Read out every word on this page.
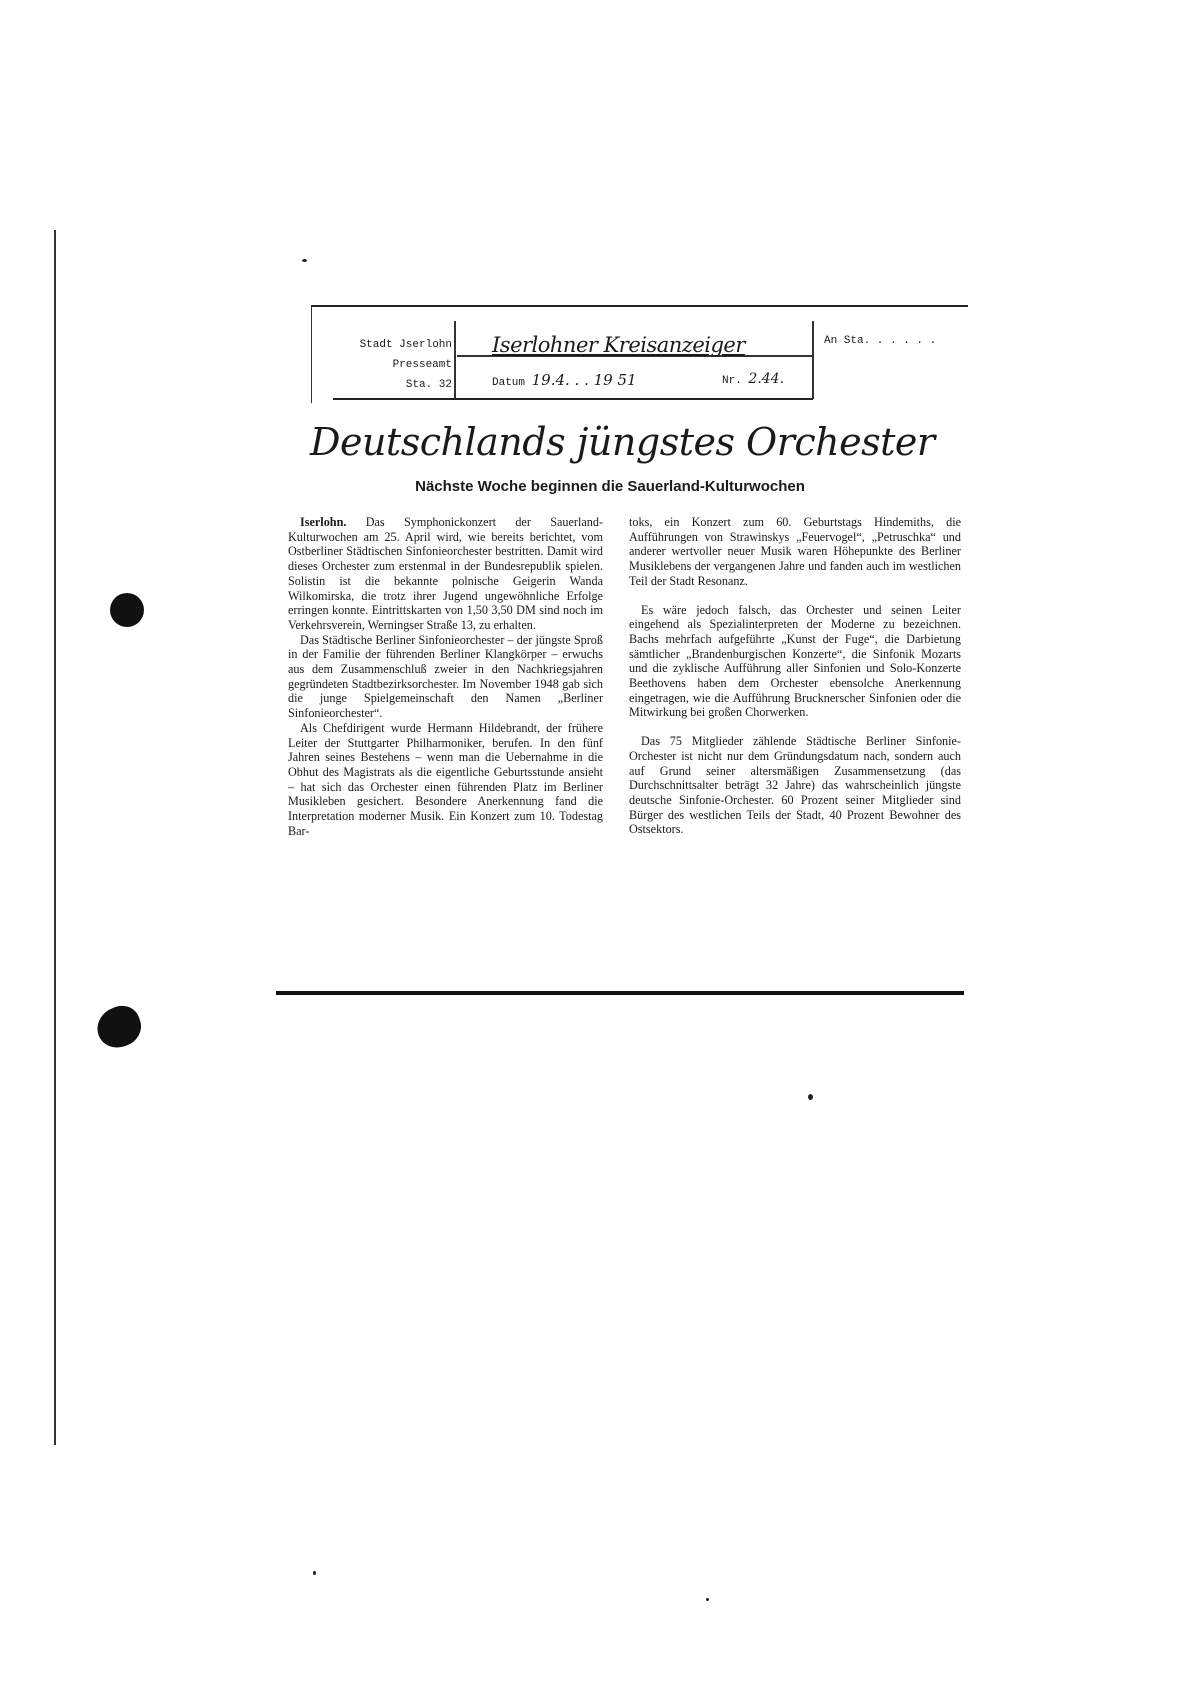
Stadt Jserlohn
Presseamt
Sta. 32
Iserlohner Kreisanzeiger
Datum 19.4. . . 19 51	Nr. 2.44.
An Sta. . . . . .
Deutschlands jüngstes Orchester
Nächste Woche beginnen die Sauerland-Kulturwochen

Iserlohn. Das Symphonickonzert der Sauerland-Kulturwochen am 25. April wird, wie bereits berichtet, vom Ostberliner Städtischen Sinfonieorchester bestritten. Damit wird dieses Orchester zum erstenmal in der Bundesrepublik spielen. Solistin ist die bekannte polnische Geigerin Wanda Wilkomirska, die trotz ihrer Jugend ungewöhnliche Erfolge erringen konnte. Eintrittskarten von 1,50 3,50 DM sind noch im Verkehrsverein, Werningser Straße 13, zu erhalten.

Das Städtische Berliner Sinfonieorchester – der jüngste Sproß in der Familie der führenden Berliner Klangkörper – erwuchs aus dem Zusammenschluß zweier in den Nachkriegsjahren gegründeten Stadtbezirksorchester. Im November 1948 gab sich die junge Spielgemeinschaft den Namen „Berliner Sinfonieorchester“.

Als Chefdirigent wurde Hermann Hildebrandt, der frühere Leiter der Stuttgarter Philharmoniker, berufen. In den fünf Jahren seines Bestehens – wenn man die Uebernahme in die Obhut des Magistrats als die eigentliche Geburtsstunde ansieht – hat sich das Orchester einen führenden Platz im Berliner Musikleben gesichert. Besondere Anerkennung fand die Interpretation moderner Musik. Ein Konzert zum 10. Todestag Bar-

toks, ein Konzert zum 60. Geburtstags Hindemiths, die Aufführungen von Strawinskys „Feuervogel“, „Petruschka“ und anderer wertvoller neuer Musik waren Höhepunkte des Berliner Musiklebens der vergangenen Jahre und fanden auch im westlichen Teil der Stadt Resonanz.

Es wäre jedoch falsch, das Orchester und seinen Leiter eingehend als Spezialinterpreten der Moderne zu bezeichnen. Bachs mehrfach aufgeführte „Kunst der Fuge“, die Darbietung sämtlicher „Brandenburgischen Konzerte“, die Sinfonik Mozarts und die zyklische Aufführung aller Sinfonien und Solo-Konzerte Beethovens haben dem Orchester ebensolche Anerkennung eingetragen, wie die Aufführung Brucknerscher Sinfonien oder die Mitwirkung bei großen Chorwerken.

Das 75 Mitglieder zählende Städtische Berliner Sinfonie-Orchester ist nicht nur dem Gründungsdatum nach, sondern auch auf Grund seiner altersmäßigen Zusammensetzung (das Durchschnittsalter beträgt 32 Jahre) das wahrscheinlich jüngste deutsche Sinfonie-Orchester. 60 Prozent seiner Mitglieder sind Bürger des westlichen Teils der Stadt, 40 Prozent Bewohner des Ostsektors.
